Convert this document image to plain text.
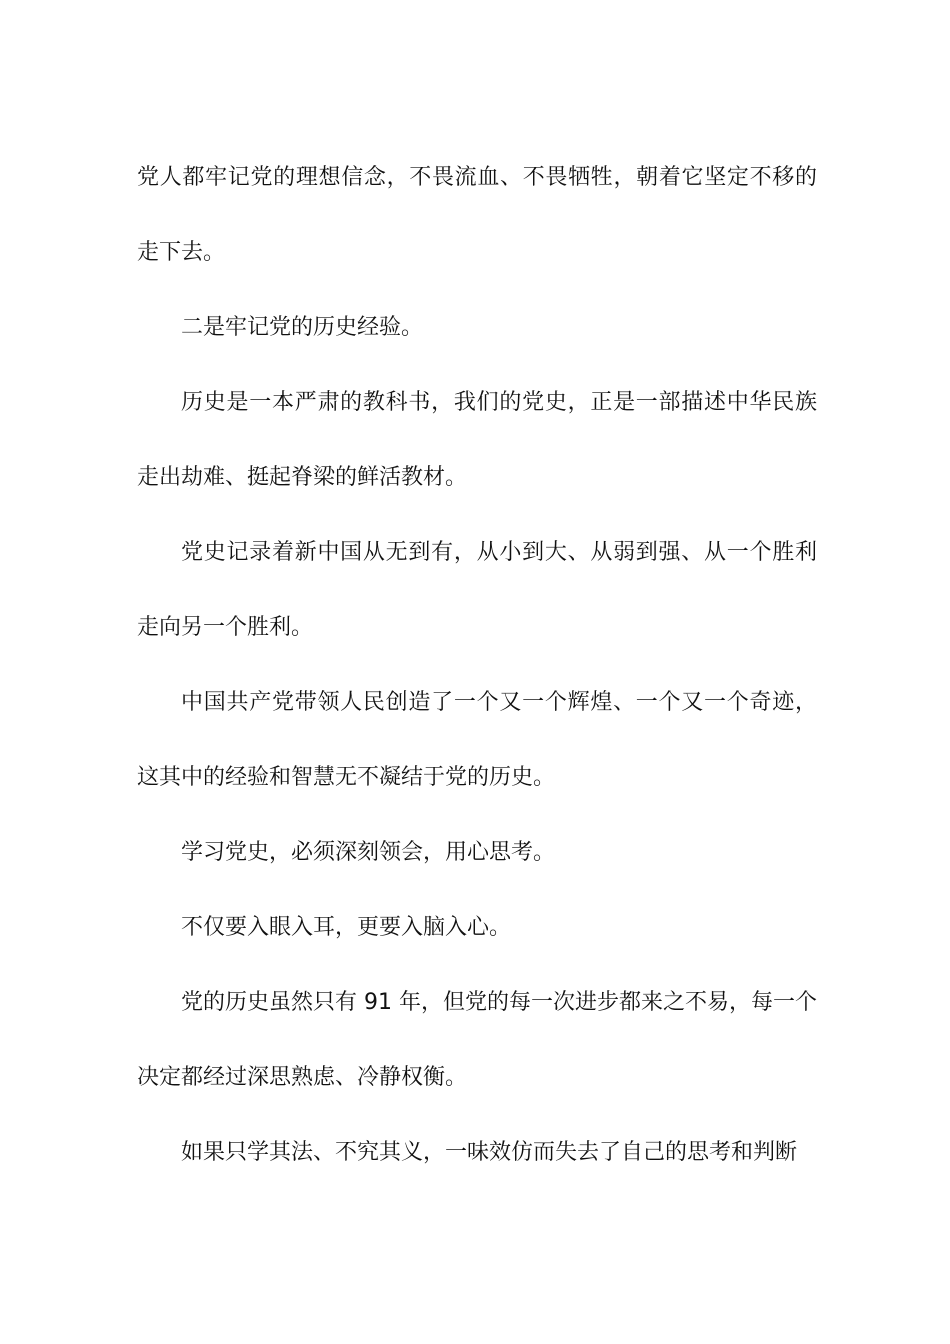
党人都牢记党的理想信念，不畏流血、不畏牺牲，朝着它坚定不移的走下去。

二是牢记党的历史经验。

历史是一本严肃的教科书，我们的党史，正是一部描述中华民族走出劫难、挺起脊梁的鲜活教材。

党史记录着新中国从无到有，从小到大、从弱到强、从一个胜利走向另一个胜利。

中国共产党带领人民创造了一个又一个辉煌、一个又一个奇迹，这其中的经验和智慧无不凝结于党的历史。

学习党史，必须深刻领会，用心思考。

不仅要入眼入耳，更要入脑入心。

党的历史虽然只有 91 年，但党的每一次进步都来之不易，每一个决定都经过深思熟虑、冷静权衡。

如果只学其法、不究其义，一味效仿而失去了自己的思考和判断
